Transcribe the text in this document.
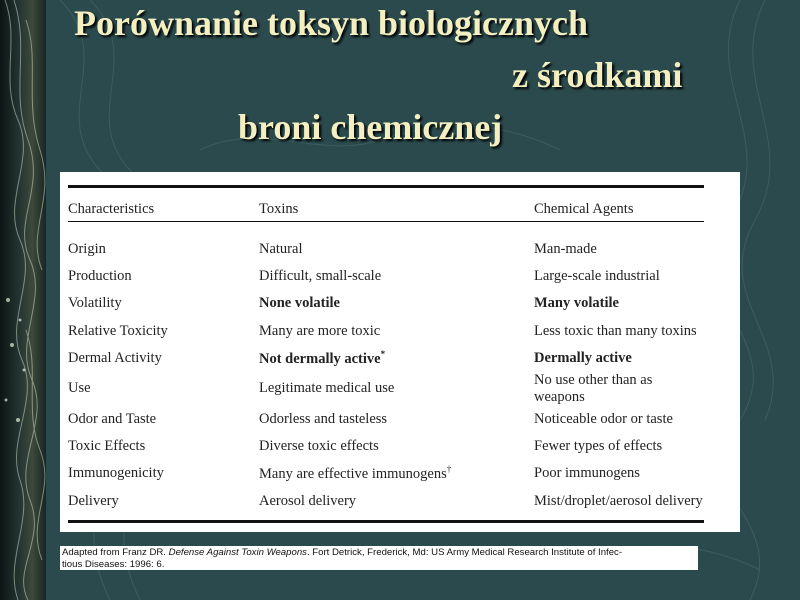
Porównanie toksyn biologicznych
z środkami
broni chemicznej
Characteristics	Toxins	Chemical Agents

Origin	Natural	Man-made
Production	Difficult, small-scale	Large-scale industrial
Volatility	None volatile	Many volatile
Relative Toxicity	Many are more toxic	Less toxic than many toxins
Dermal Activity	Not dermally active*	Dermally active
Use	Legitimate medical use	No use other than as weapons
Odor and Taste	Odorless and tasteless	Noticeable odor or taste
Toxic Effects	Diverse toxic effects	Fewer types of effects
Immunogenicity	Many are effective immunogens†	Poor immunogens
Delivery	Aerosol delivery	Mist/droplet/aerosol delivery
Adapted from Franz DR. Defense Against Toxin Weapons. Fort Detrick, Frederick, Md: US Army Medical Research Institute of Infec-
tious Diseases: 1996: 6.
